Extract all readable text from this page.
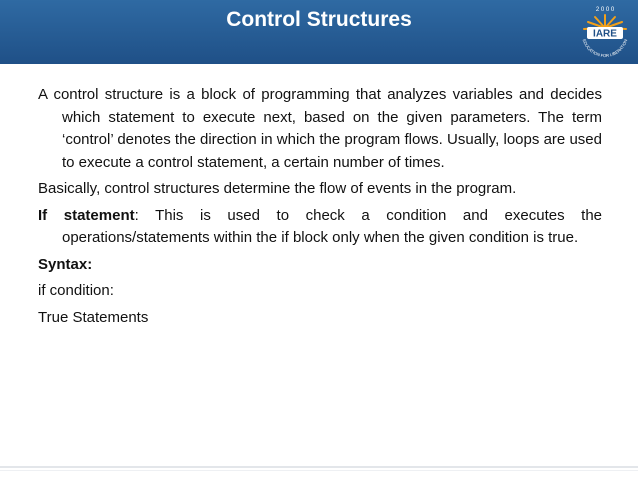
Control Structures	2 0 0 0
IARE
EDUCATION FOR LIBERATION

A control structure is a block of programming that analyzes variables and decides which statement to execute next, based on the given parameters. The term ‘control’ denotes the direction in which the program flows. Usually, loops are used to execute a control statement, a certain number of times.

Basically, control structures determine the flow of events in the program.

If statement: This is used to check a condition and executes the operations/statements within the if block only when the given condition is true.

Syntax:

if condition:

True Statements
